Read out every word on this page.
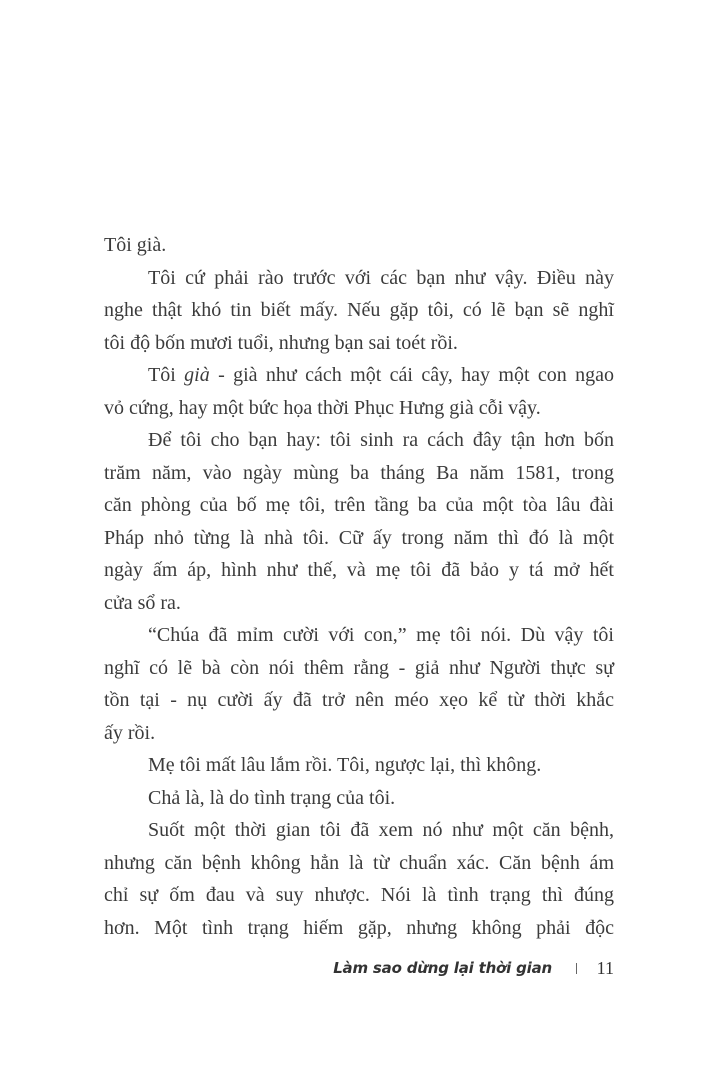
Tôi già.
Tôi cứ phải rào trước với các bạn như vậy. Điều này
nghe thật khó tin biết mấy. Nếu gặp tôi, có lẽ bạn sẽ nghĩ
tôi độ bốn mươi tuổi, nhưng bạn sai toét rồi.
Tôi già - già như cách một cái cây, hay một con ngao
vỏ cứng, hay một bức họa thời Phục Hưng già cỗi vậy.
Để tôi cho bạn hay: tôi sinh ra cách đây tận hơn bốn
trăm năm, vào ngày mùng ba tháng Ba năm 1581, trong
căn phòng của bố mẹ tôi, trên tầng ba của một tòa lâu đài
Pháp nhỏ từng là nhà tôi. Cữ ấy trong năm thì đó là một
ngày ấm áp, hình như thế, và mẹ tôi đã bảo y tá mở hết
cửa sổ ra.
“Chúa đã mỉm cười với con,” mẹ tôi nói. Dù vậy tôi
nghĩ có lẽ bà còn nói thêm rằng - giả như Người thực sự
tồn tại - nụ cười ấy đã trở nên méo xẹo kể từ thời khắc
ấy rồi.
Mẹ tôi mất lâu lắm rồi. Tôi, ngược lại, thì không.
Chả là, là do tình trạng của tôi.
Suốt một thời gian tôi đã xem nó như một căn bệnh,
nhưng căn bệnh không hẳn là từ chuẩn xác. Căn bệnh ám
chỉ sự ốm đau và suy nhược. Nói là tình trạng thì đúng
hơn. Một tình trạng hiếm gặp, nhưng không phải độc
Làm sao dừng lại thời gian 11
